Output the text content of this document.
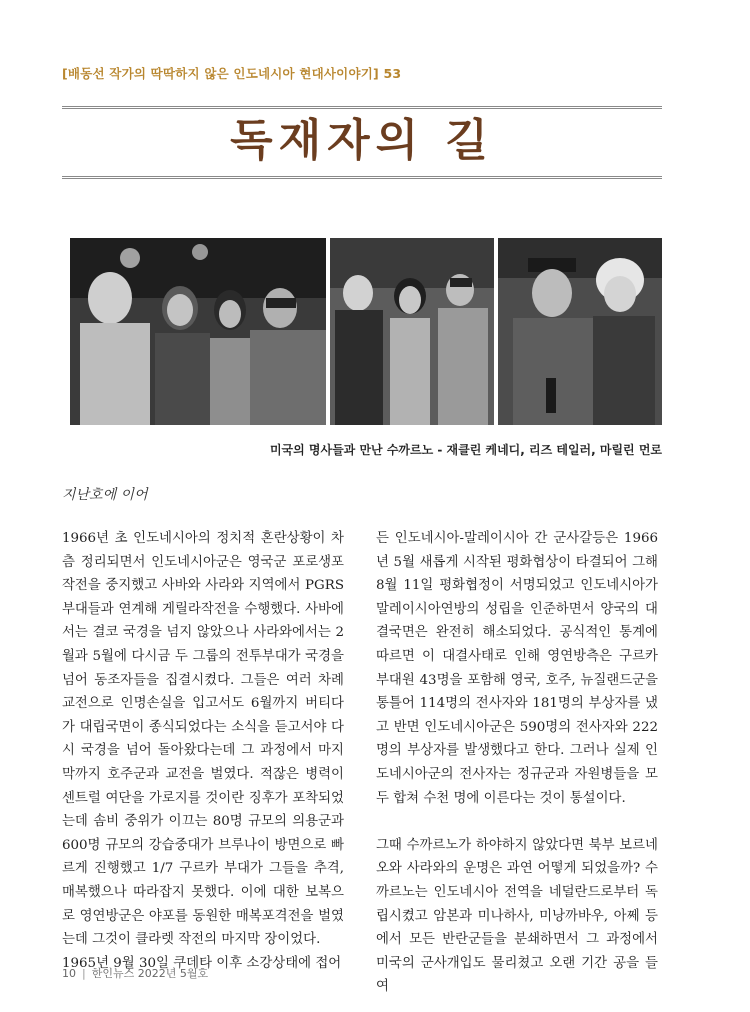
[배동선 작가의 딱딱하지 않은 인도네시아 현대사이야기] 53
독재자의 길
미국의 명사들과 만난 수까르노 - 재클린 케네디, 리즈 테일러, 마릴린 먼로
지난호에 이어

1966년 초 인도네시아의 정치적 혼란상황이 차츰 정리되면서 인도네시아군은 영국군 포로생포 작전을 중지했고 사바와 사라와 지역에서 PGRS 부대들과 연계해 게릴라작전을 수행했다. 사바에서는 결코 국경을 넘지 않았으나 사라와에서는 2월과 5월에 다시금 두 그룹의 전투부대가 국경을 넘어 동조자들을 집결시켰다. 그들은 여러 차례 교전으로 인명손실을 입고서도 6월까지 버티다가 대립국면이 종식되었다는 소식을 듣고서야 다시 국경을 넘어 돌아왔다는데 그 과정에서 마지막까지 호주군과 교전을 벌였다. 적잖은 병력이 센트럴 여단을 가로지를 것이란 징후가 포착되었는데 솜비 중위가 이끄는 80명 규모의 의용군과 600명 규모의 강습중대가 브루나이 방면으로 빠르게 진행했고 1/7 구르카 부대가 그들을 추격, 매복했으나 따라잡지 못했다. 이에 대한 보복으로 영연방군은 야포를 동원한 매복포격전을 벌였는데 그것이 클라렛 작전의 마지막 장이었다.

1965년 9월 30일 쿠데타 이후 소강상태에 접어

든 인도네시아-말레이시아 간 군사갈등은 1966년 5월 새롭게 시작된 평화협상이 타결되어 그해 8월 11일 평화협정이 서명되었고 인도네시아가 말레이시아연방의 성립을 인준하면서 양국의 대결국면은 완전히 해소되었다. 공식적인 통계에 따르면 이 대결사태로 인해 영연방측은 구르카 부대원 43명을 포함해 영국, 호주, 뉴질랜드군을 통틀어 114명의 전사자와 181명의 부상자를 냈고 반면 인도네시아군은 590명의 전사자와 222명의 부상자를 발생했다고 한다. 그러나 실제 인도네시아군의 전사자는 정규군과 자원병들을 모두 합쳐 수천 명에 이른다는 것이 통설이다.

그때 수까르노가 하야하지 않았다면 북부 보르네오와 사라와의 운명은 과연 어떻게 되었을까? 수까르노는 인도네시아 전역을 네덜란드로부터 독립시켰고 암본과 미나하사, 미낭까바우, 아쩨 등에서 모든 반란군들을 분쇄하면서 그 과정에서 미국의 군사개입도 물리쳤고 오랜 기간 공을 들여

10 | 한인뉴스 2022년 5월호
